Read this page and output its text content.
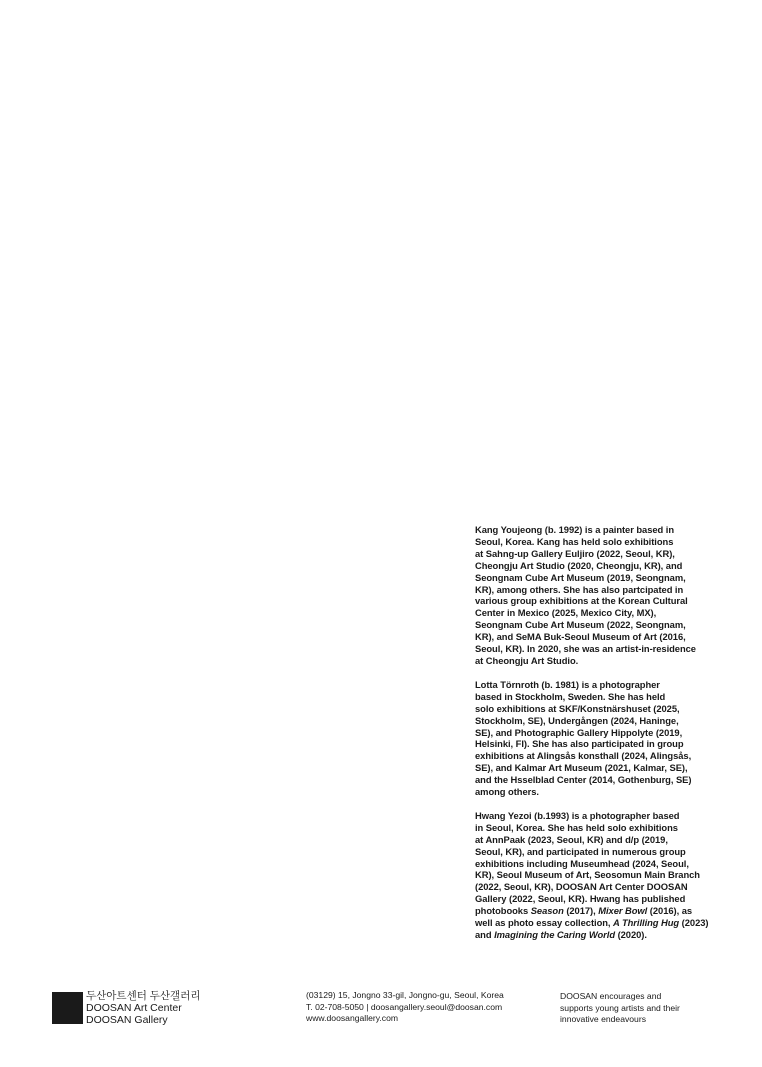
Kang Youjeong (b. 1992) is a painter based in
Seoul, Korea. Kang has held solo exhibitions
at Sahng-up Gallery Euljiro (2022, Seoul, KR),
Cheongju Art Studio (2020, Cheongju, KR), and
Seongnam Cube Art Museum (2019, Seongnam,
KR), among others. She has also partcipated in
various group exhibitions at the Korean Cultural
Center in Mexico (2025, Mexico City, MX),
Seongnam Cube Art Museum (2022, Seongnam,
KR), and SeMA Buk-Seoul Museum of Art (2016,
Seoul, KR). In 2020, she was an artist-in-residence
at Cheongju Art Studio.

Lotta Törnroth (b. 1981) is a photographer
based in Stockholm, Sweden. She has held
solo exhibitions at SKF/Konstnärshuset (2025,
Stockholm, SE), Undergången (2024, Haninge,
SE), and Photographic Gallery Hippolyte (2019,
Helsinki, FI). She has also participated in group
exhibitions at Alingsås konsthall (2024, Alingsås,
SE), and Kalmar Art Museum (2021, Kalmar, SE),
and the Hsselblad Center (2014, Gothenburg, SE)
among others.

Hwang Yezoi (b.1993) is a photographer based
in Seoul, Korea. She has held solo exhibitions
at AnnPaak (2023, Seoul, KR) and d/p (2019,
Seoul, KR), and participated in numerous group
exhibitions including Museumhead (2024, Seoul,
KR), Seoul Museum of Art, Seosomun Main Branch
(2022, Seoul, KR), DOOSAN Art Center DOOSAN
Gallery (2022, Seoul, KR). Hwang has published
photobooks Season (2017), Mixer Bowl (2016), as
well as photo essay collection, A Thrilling Hug (2023)
and Imagining the Caring World (2020).

두산아트센터 두산갤러리
DOOSAN Art Center
DOOSAN Gallery
(03129) 15, Jongno 33-gil, Jongno-gu, Seoul, Korea
T. 02-708-5050 | doosangallery.seoul@doosan.com
www.doosangallery.com
DOOSAN encourages and
supports young artists and their
innovative endeavours
